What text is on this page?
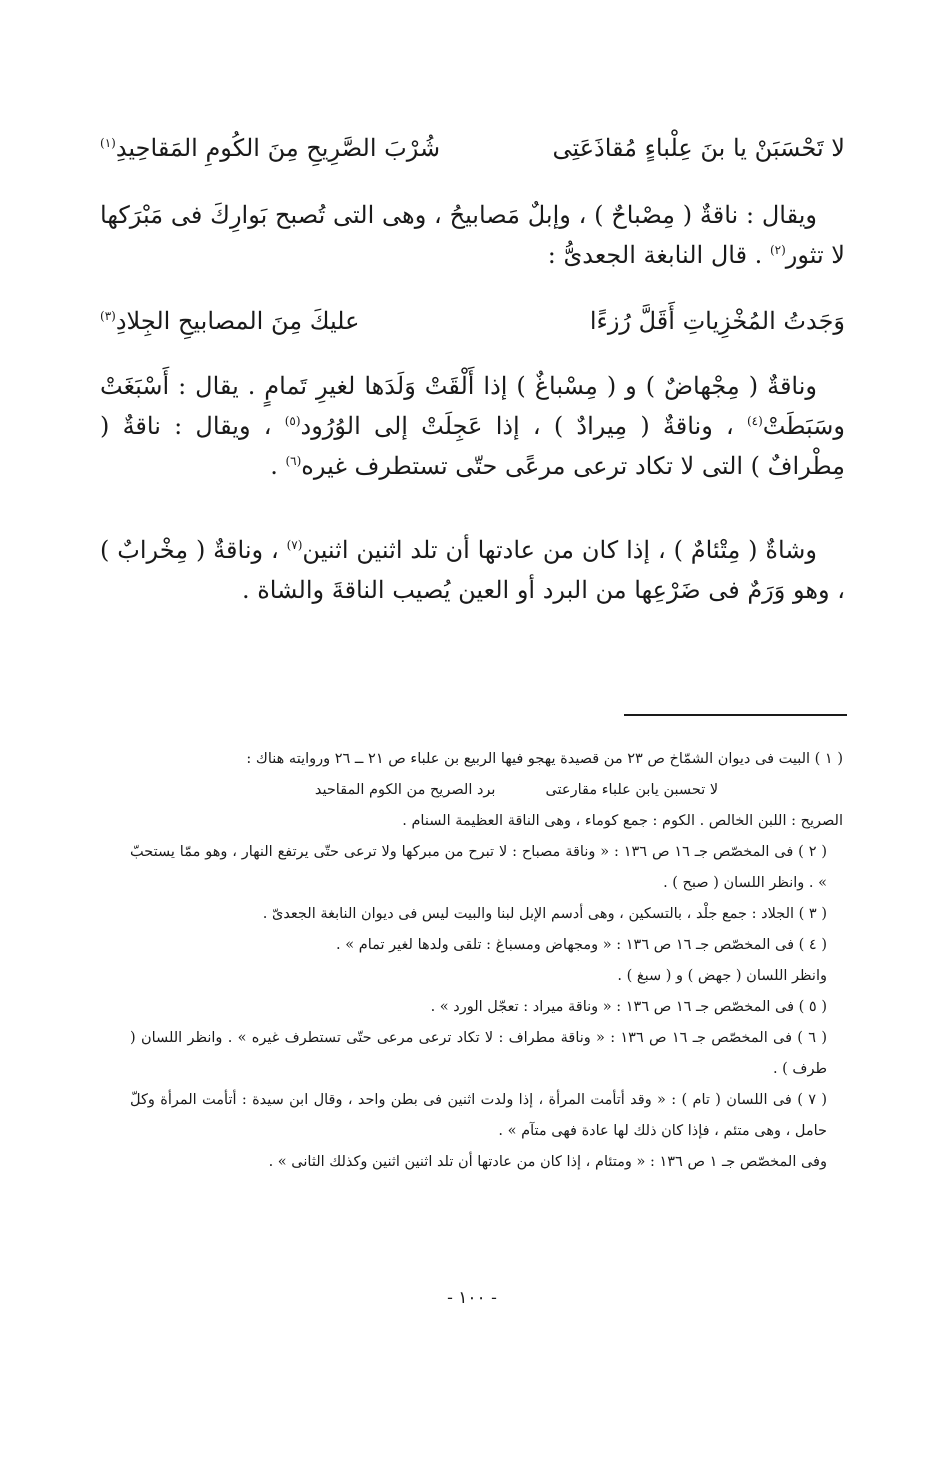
لا تَحْسَبَنْ يا بنَ عِلْباءٍ مُقاذَعَتِى
شُرْبَ الصَّرِيحِ مِنَ الكُومِ المَقاحِيدِ$^{(١)}$

ويقال : ناقةٌ ( مِصْباحٌ ) ، وإبلٌ مَصابيحُ ، وهى التى تُصبح بَوارِكَ فى مَبْرَكها لا تثور$^{(٢)}$ . قال النابغة الجعدىُّ :

وَجَدتُ المُخْزِياتِ أَقَلَّ رُزءًا
عليكَ مِنَ المصابيحِ الجِلادِ$^{(٣)}$

وناقةٌ ( مِجْهاضٌ ) و ( مِسْباغٌ ) إذا أَلْقَتْ وَلَدَها لغيرِ تَمامٍ . يقال : أَسْبَغَتْ وسَبَطَتْ$^{(٤)}$ ، وناقةٌ ( مِيرادٌ ) ، إذا عَجِلَتْ إلى الوُرُود$^{(٥)}$ ، ويقال : ناقةٌ ( مِطْرافٌ ) التى لا تكاد ترعى مرعًى حتّى تستطرف غيره$^{(٦)}$ .

وشاةٌ ( مِتْئامٌ ) ، إذا كان من عادتها أن تلد اثنين اثنين$^{(٧)}$ ، وناقةٌ ( مِخْرابٌ ) ، وهو وَرَمٌ فى ضَرْعِها من البرد أو العين يُصيب الناقةَ والشاة .

( ١ ) البيت فى ديوان الشمّاخ ص ٢٣ من قصيدة يهجو فيها الربيع بن علباء ص ٢١ ــ ٢٦ وروايته هناك :

لا تحسبن يابن علباء مقارعتى
برد الصريح من الكوم المقاحيد

الصريح : اللبن الخالص . الكوم : جمع كوماء ، وهى الناقة العظيمة السنام .

( ٢ ) فى المخصّص جـ ١٦ ص ١٣٦ : « وناقة مصباح : لا تبرح من مبركها ولا ترعى حتّى يرتفع النهار ، وهو ممّا يستحبّ » . وانظر اللسان ( صبح ) .

( ٣ ) الجلاد : جمع جلْد ، بالتسكين ، وهى أدسم الإبل لبنا والبيت ليس فى ديوان النابغة الجعدىّ .

( ٤ ) فى المخصّص جـ ١٦ ص ١٣٦ : « ومجهاض ومسباغ : تلقى ولدها لغير تمام » .

وانظر اللسان ( جهض ) و ( سبغ ) .

( ٥ ) فى المخصّص جـ ١٦ ص ١٣٦ : « وناقة ميراد : تعجّل الورد » .

( ٦ ) فى المخصّص جـ ١٦ ص ١٣٦ : « وناقة مطراف : لا تكاد ترعى مرعى حتّى تستطرف غيره » . وانظر اللسان ( طرف ) .

( ٧ ) فى اللسان ( تام ) : « وقد أتأمت المرأة ، إذا ولدت اثنين فى بطن واحد ، وقال ابن سيدة : أتأمت المرأة وكلّ حامل ، وهى متئم ، فإذا كان ذلك لها عادة فهى متآم » .

وفى المخصّص جـ ١ ص ١٣٦ : « ومتئام ، إذا كان من عادتها أن تلد اثنين اثنين وكذلك الثانى » .

- ١٠٠ -
